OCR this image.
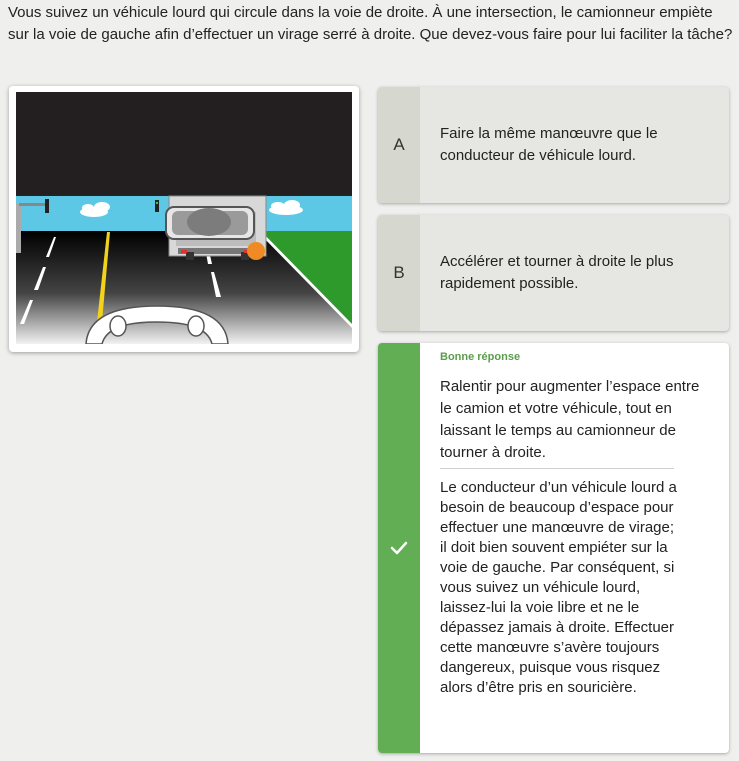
Vous suivez un véhicule lourd qui circule dans la voie de droite. À une intersection, le camionneur empiète sur la voie de gauche afin d’effectuer un virage serré à droite. Que devez-vous faire pour lui faciliter la tâche?
A
Faire la même manœuvre que le conducteur de véhicule lourd.
B
Accélérer et tourner à droite le plus rapidement possible.
Bonne réponse
Ralentir pour augmenter l’espace entre le camion et votre véhicule, tout en laissant le temps au camionneur de tourner à droite.
Le conducteur d’un véhicule lourd a besoin de beaucoup d’espace pour effectuer une manœuvre de virage; il doit bien souvent empiéter sur la voie de gauche. Par conséquent, si vous suivez un véhicule lourd, laissez-lui la voie libre et ne le dépassez jamais à droite. Effectuer cette manœuvre s’avère toujours dangereux, puisque vous risquez alors d’être pris en souricière.
